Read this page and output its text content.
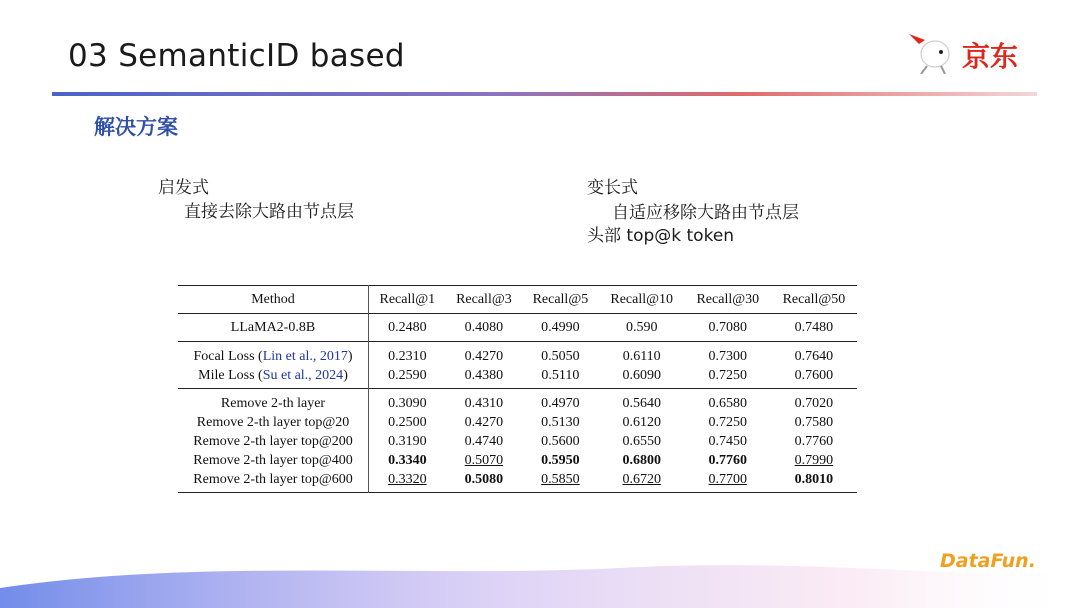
03 SemanticID based	京东
解决方案
启发式
直接去除大路由节点层
变长式
自适应移除大路由节点层
头部 top@k token
Method	Recall@1	Recall@3	Recall@5	Recall@10	Recall@30	Recall@50
LLaMA2-0.8B	0.2480	0.4080	0.4990	0.590	0.7080	0.7480
Focal Loss (Lin et al., 2017)	0.2310	0.4270	0.5050	0.6110	0.7300	0.7640
Mile Loss (Su et al., 2024)	0.2590	0.4380	0.5110	0.6090	0.7250	0.7600
Remove 2-th layer	0.3090	0.4310	0.4970	0.5640	0.6580	0.7020
Remove 2-th layer top@20	0.2500	0.4270	0.5130	0.6120	0.7250	0.7580
Remove 2-th layer top@200	0.3190	0.4740	0.5600	0.6550	0.7450	0.7760
Remove 2-th layer top@400	0.3340	0.5070	0.5950	0.6800	0.7760	0.7990
Remove 2-th layer top@600	0.3320	0.5080	0.5850	0.6720	0.7700	0.8010
DataFun.
